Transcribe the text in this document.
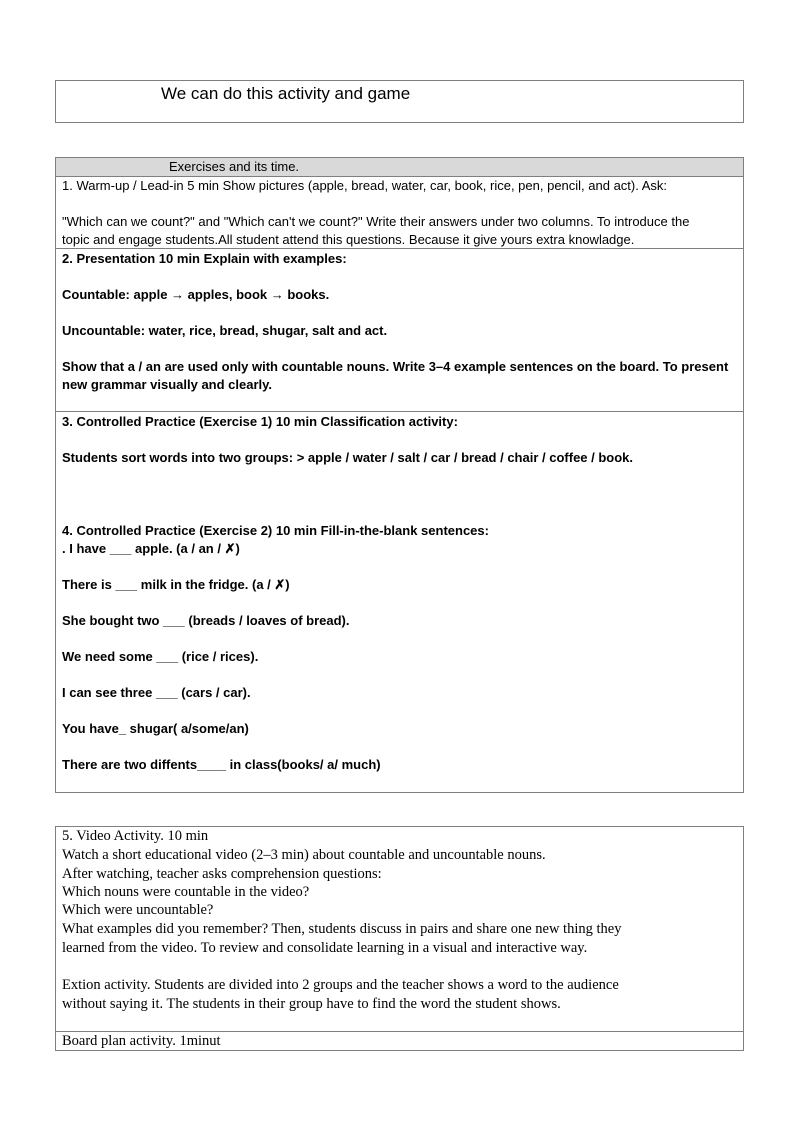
We can do this activity and game
Exercises and its time.
1. Warm-up / Lead-in 5 min Show pictures (apple, bread, water, car, book, rice, pen, pencil, and act). Ask:
"Which can we count?" and "Which can't we count?" Write their answers under two columns. To introduce the
topic and engage students.All student attend this questions. Because it give yours extra knowladge.
2. Presentation 10 min Explain with examples:
Countable: apple → apples, book → books.
Uncountable: water, rice, bread, shugar, salt and act.
Show that a / an are used only with countable nouns. Write 3–4 example sentences on the board. To present
new grammar visually and clearly.
3. Controlled Practice (Exercise 1) 10 min Classification activity:
Students sort words into two groups: > apple / water / salt / car / bread / chair / coffee / book.
4. Controlled Practice (Exercise 2) 10 min Fill-in-the-blank sentences:
. I have ___ apple. (a / an / ✗)
There is ___ milk in the fridge. (a / ✗)
She bought two ___ (breads / loaves of bread).
We need some ___ (rice / rices).
I can see three ___ (cars / car).
You have_ shugar( a/some/an)
There are two diffents____ in class(books/ a/ much)
5. Video Activity. 10 min
Watch a short educational video (2–3 min) about countable and uncountable nouns.
After watching, teacher asks comprehension questions:
Which nouns were countable in the video?
Which were uncountable?
What examples did you remember? Then, students discuss in pairs and share one new thing they
learned from the video. To review and consolidate learning in a visual and interactive way.
Extion activity. Students are divided into 2 groups and the teacher shows a word to the audience
without saying it. The students in their group have to find the word the student shows.
Board plan activity. 1minut
